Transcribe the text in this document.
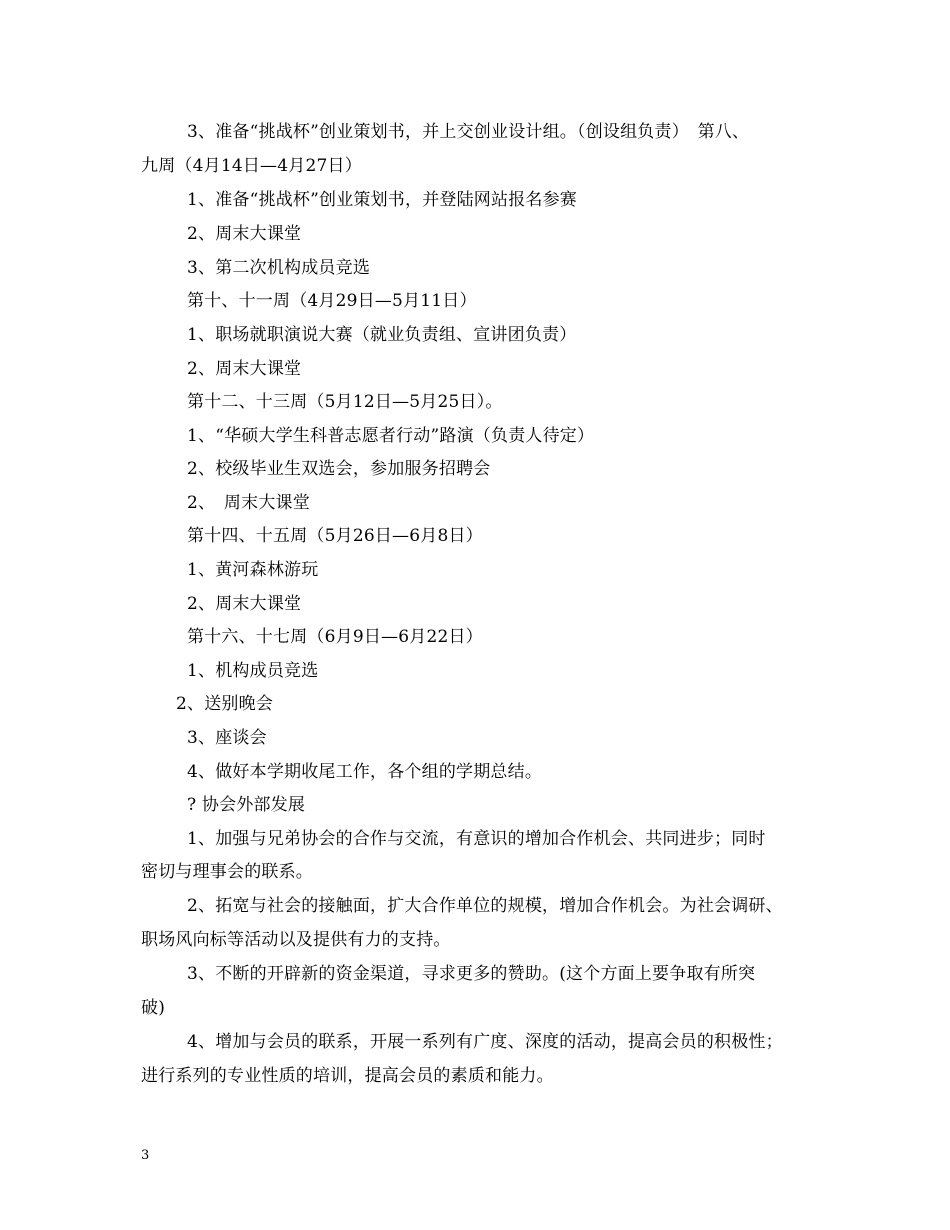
3、准备“挑战杯”创业策划书，并上交创业设计组。（创设组负责）　第八、
九周（4月14日—4月27日）
1、准备“挑战杯”创业策划书，并登陆网站报名参赛
2、周末大课堂
3、第二次机构成员竞选
第十、十一周（4月29日—5月11日）
1、职场就职演说大赛（就业负责组、宣讲团负责）
2、周末大课堂
第十二、十三周（5月12日—5月25日）。
1、“华硕大学生科普志愿者行动”路演（负责人待定）
2、校级毕业生双选会，参加服务招聘会
2、　周末大课堂
第十四、十五周（5月26日—6月8日）
1、黄河森林游玩
2、周末大课堂
第十六、十七周（6月9日—6月22日）
1、机构成员竞选
2、送别晚会
3、座谈会
4、做好本学期收尾工作，各个组的学期总结。
? 协会外部发展
1、加强与兄弟协会的合作与交流，有意识的增加合作机会、共同进步；同时
密切与理事会的联系。
2、拓宽与社会的接触面，扩大合作单位的规模，增加合作机会。为社会调研、
职场风向标等活动以及提供有力的支持。
3、不断的开辟新的资金渠道，寻求更多的赞助。(这个方面上要争取有所突
破)
4、增加与会员的联系，开展一系列有广度、深度的活动，提高会员的积极性；
进行系列的专业性质的培训，提高会员的素质和能力。
3
